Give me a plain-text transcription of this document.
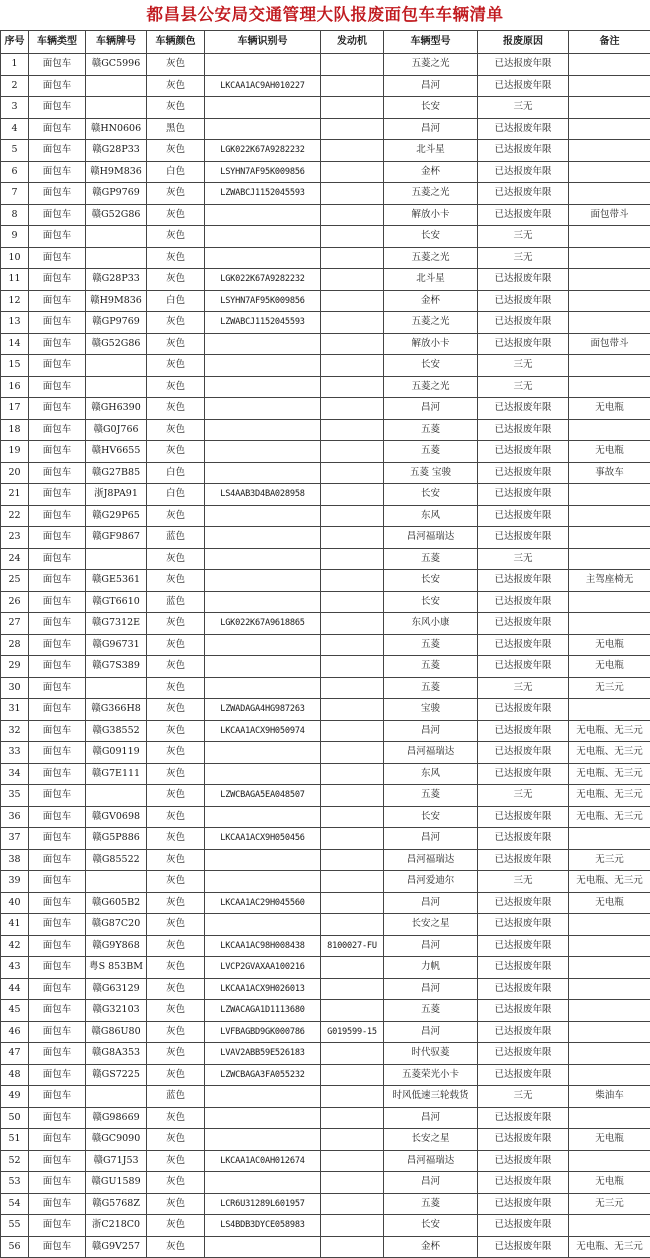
都昌县公安局交通管理大队报废面包车车辆清单
序号	车辆类型	车辆牌号	车辆颜色	车辆识别号	发动机	车辆型号	报废原因	备注
1	面包车	赣GC5996	灰色			五菱之光	已达报废年限	
2	面包车		灰色	LKCAA1AC9AH010227		昌河	已达报废年限	
3	面包车		灰色			长安	三无	
4	面包车	赣HN0606	黑色			昌河	已达报废年限	
5	面包车	赣G28P33	灰色	LGK022K67A9282232		北斗星	已达报废年限	
6	面包车	赣H9M836	白色	LSYHN7AF95K009856		金杯	已达报废年限	
7	面包车	赣GP9769	灰色	LZWABCJ1152045593		五菱之光	已达报废年限	
8	面包车	赣G52G86	灰色			解放小卡	已达报废年限	面包带斗
9	面包车		灰色			长安	三无	
10	面包车		灰色			五菱之光	三无	
11	面包车	赣G28P33	灰色	LGK022K67A9282232		北斗星	已达报废年限	
12	面包车	赣H9M836	白色	LSYHN7AF95K009856		金杯	已达报废年限	
13	面包车	赣GP9769	灰色	LZWABCJ1152045593		五菱之光	已达报废年限	
14	面包车	赣G52G86	灰色			解放小卡	已达报废年限	面包带斗
15	面包车		灰色			长安	三无	
16	面包车		灰色			五菱之光	三无	
17	面包车	赣GH6390	灰色			昌河	已达报废年限	无电瓶
18	面包车	赣G0J766	灰色			五菱	已达报废年限	
19	面包车	赣HV6655	灰色			五菱	已达报废年限	无电瓶
20	面包车	赣G27B85	白色			五菱 宝骏	已达报废年限	事故车
21	面包车	浙J8PA91	白色	LS4AAB3D4BA028958		长安	已达报废年限	
22	面包车	赣G29P65	灰色			东风	已达报废年限	
23	面包车	赣GF9867	蓝色			昌河福瑞达	已达报废年限	
24	面包车		灰色			五菱	三无	
25	面包车	赣GE5361	灰色			长安	已达报废年限	主驾座椅无
26	面包车	赣GT6610	蓝色			长安	已达报废年限	
27	面包车	赣G7312E	灰色	LGK022K67A9618865		东风小康	已达报废年限	
28	面包车	赣G96731	灰色			五菱	已达报废年限	无电瓶
29	面包车	赣G7S389	灰色			五菱	已达报废年限	无电瓶
30	面包车		灰色			五菱	三无	无三元
31	面包车	赣G366H8	灰色	LZWADAGA4HG987263		宝骏	已达报废年限	
32	面包车	赣G38552	灰色	LKCAA1ACX9H050974		昌河	已达报废年限	无电瓶、无三元
33	面包车	赣G09119	灰色			昌河福瑞达	已达报废年限	无电瓶、无三元
34	面包车	赣G7E111	灰色			东风	已达报废年限	无电瓶、无三元
35	面包车		灰色	LZWCBAGA5EA048507		五菱	三无	无电瓶、无三元
36	面包车	赣GV0698	灰色			长安	已达报废年限	无电瓶、无三元
37	面包车	赣G5P886	灰色	LKCAA1ACX9H050456		昌河	已达报废年限	
38	面包车	赣G85522	灰色			昌河福瑞达	已达报废年限	无三元
39	面包车		灰色			昌河爱迪尔	三无	无电瓶、无三元
40	面包车	赣G605B2	灰色	LKCAA1AC29H045560		昌河	已达报废年限	无电瓶
41	面包车	赣G87C20	灰色			长安之星	已达报废年限	
42	面包车	赣G9Y868	灰色	LKCAA1AC98H008438	8100027-FU	昌河	已达报废年限	
43	面包车	粤S 853BM	灰色	LVCP2GVAXAA100216		力帆	已达报废年限	
44	面包车	赣G63129	灰色	LKCAA1ACX9H026013		昌河	已达报废年限	
45	面包车	赣G32103	灰色	LZWACAGA1D1113680		五菱	已达报废年限	
46	面包车	赣G86U80	灰色	LVFBAGBD9GK000786	G019599-15	昌河	已达报废年限	
47	面包车	赣G8A353	灰色	LVAV2ABB59E526183		时代驭菱	已达报废年限	
48	面包车	赣GS7225	灰色	LZWCBAGA3FA055232		五菱荣光小卡	已达报废年限	
49	面包车		蓝色			时风低速三轮载货	三无	柴油车
50	面包车	赣G98669	灰色			昌河	已达报废年限	
51	面包车	赣GC9090	灰色			长安之星	已达报废年限	无电瓶
52	面包车	赣G71J53	灰色	LKCAA1AC0AH012674		昌河福瑞达	已达报废年限	
53	面包车	赣GU1589	灰色			昌河	已达报废年限	无电瓶
54	面包车	赣G5768Z	灰色	LCR6U31289L601957		五菱	已达报废年限	无三元
55	面包车	浙C218C0	灰色	LS4BDB3DYCE058983		长安	已达报废年限	
56	面包车	赣G9V257	灰色			金杯	已达报废年限	无电瓶、无三元
